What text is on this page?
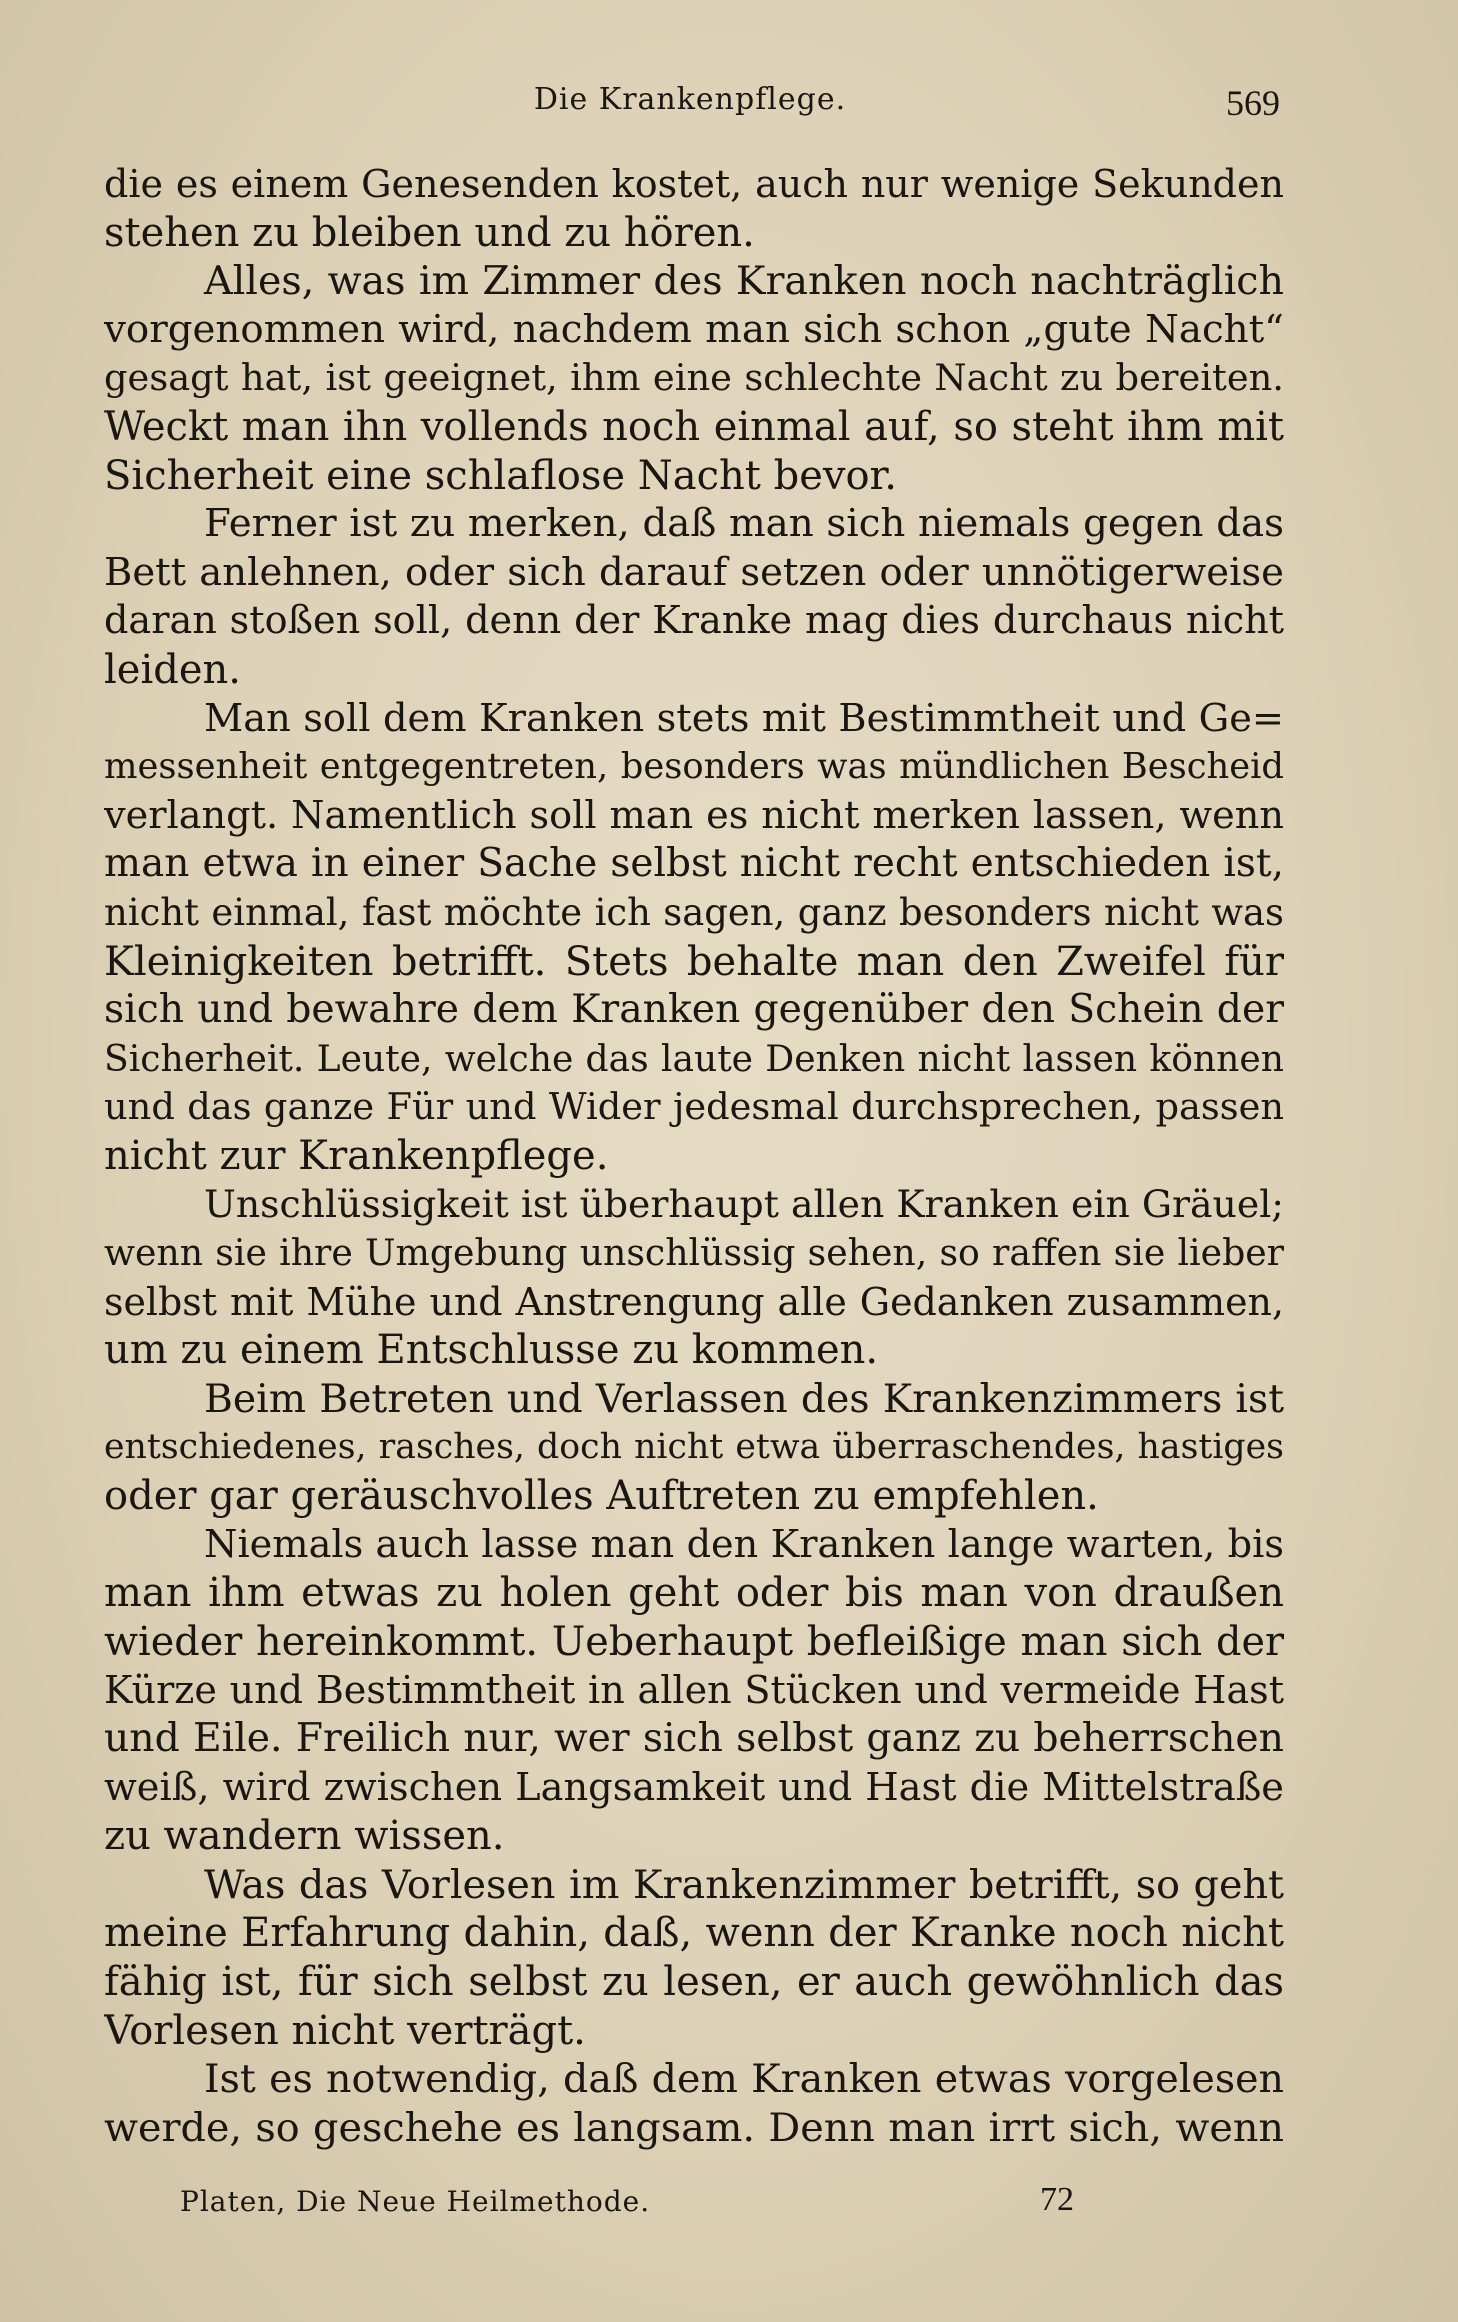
Die Krankenpflege.	569
die es einem Genesenden kostet, auch nur wenige Sekunden
stehen zu bleiben und zu hören.
Alles, was im Zimmer des Kranken noch nachträglich
vorgenommen wird, nachdem man sich schon „gute Nacht“
gesagt hat, ist geeignet, ihm eine schlechte Nacht zu bereiten.
Weckt man ihn vollends noch einmal auf, so steht ihm mit
Sicherheit eine schlaflose Nacht bevor.
Ferner ist zu merken, daß man sich niemals gegen das
Bett anlehnen, oder sich darauf setzen oder unnötigerweise
daran stoßen soll, denn der Kranke mag dies durchaus nicht
leiden.
Man soll dem Kranken stets mit Bestimmtheit und Ge=
messenheit entgegentreten, besonders was mündlichen Bescheid
verlangt. Namentlich soll man es nicht merken lassen, wenn
man etwa in einer Sache selbst nicht recht entschieden ist,
nicht einmal, fast möchte ich sagen, ganz besonders nicht was
Kleinigkeiten betrifft. Stets behalte man den Zweifel für
sich und bewahre dem Kranken gegenüber den Schein der
Sicherheit. Leute, welche das laute Denken nicht lassen können
und das ganze Für und Wider jedesmal durchsprechen, passen
nicht zur Krankenpflege.
Unschlüssigkeit ist überhaupt allen Kranken ein Gräuel;
wenn sie ihre Umgebung unschlüssig sehen, so raffen sie lieber
selbst mit Mühe und Anstrengung alle Gedanken zusammen,
um zu einem Entschlusse zu kommen.
Beim Betreten und Verlassen des Krankenzimmers ist
entschiedenes, rasches, doch nicht etwa überraschendes, hastiges
oder gar geräuschvolles Auftreten zu empfehlen.
Niemals auch lasse man den Kranken lange warten, bis
man ihm etwas zu holen geht oder bis man von draußen
wieder hereinkommt. Ueberhaupt befleißige man sich der
Kürze und Bestimmtheit in allen Stücken und vermeide Hast
und Eile. Freilich nur, wer sich selbst ganz zu beherrschen
weiß, wird zwischen Langsamkeit und Hast die Mittelstraße
zu wandern wissen.
Was das Vorlesen im Krankenzimmer betrifft, so geht
meine Erfahrung dahin, daß, wenn der Kranke noch nicht
fähig ist, für sich selbst zu lesen, er auch gewöhnlich das
Vorlesen nicht verträgt.
Ist es notwendig, daß dem Kranken etwas vorgelesen
werde, so geschehe es langsam. Denn man irrt sich, wenn
Platen, Die Neue Heilmethode.	72
